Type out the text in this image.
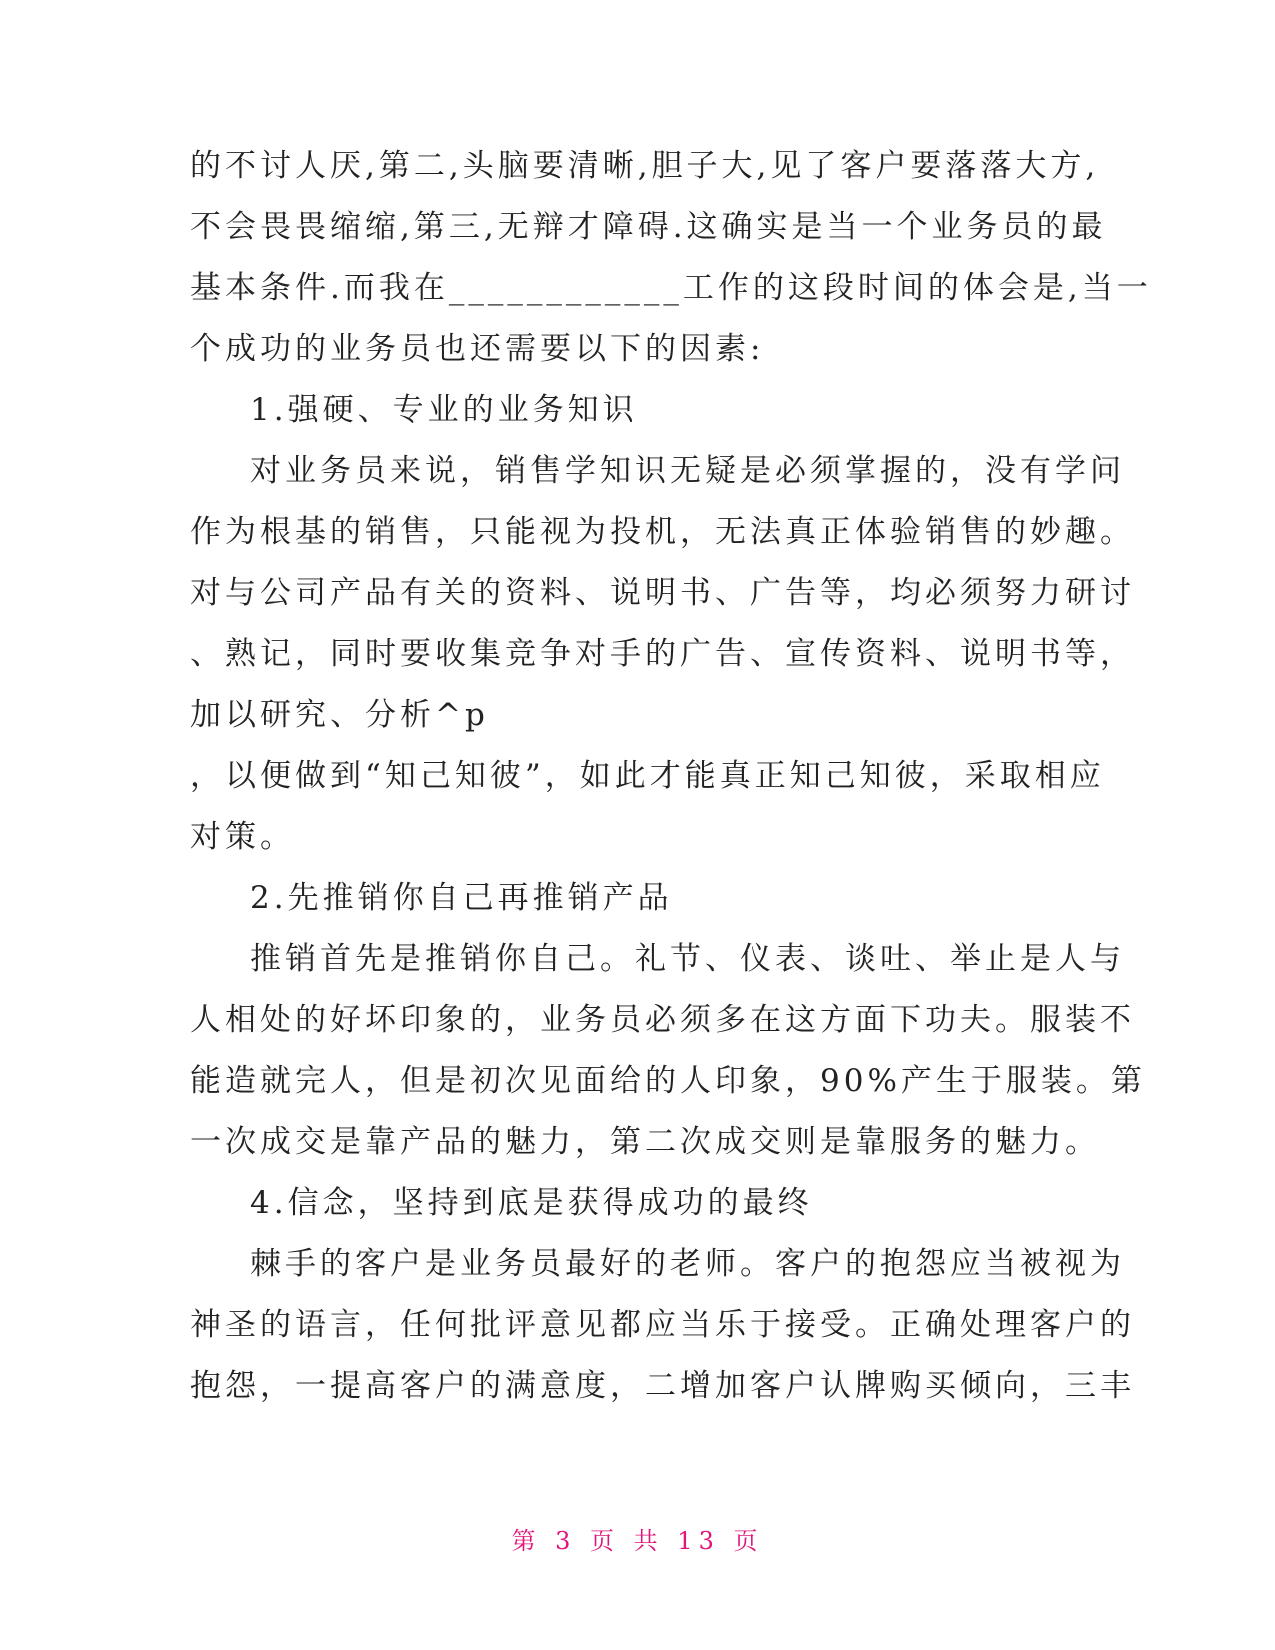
的不讨人厌,第二,头脑要清晰,胆子大,见了客户要落落大方,
不会畏畏缩缩,第三,无辩才障碍.这确实是当一个业务员的最
基本条件.而我在____________工作的这段时间的体会是,当一
个成功的业务员也还需要以下的因素:
1.强硬、专业的业务知识
对业务员来说，销售学知识无疑是必须掌握的，没有学问
作为根基的销售，只能视为投机，无法真正体验销售的妙趣。
对与公司产品有关的资料、说明书、广告等，均必须努力研讨
、熟记，同时要收集竞争对手的广告、宣传资料、说明书等，
加以研究、分析^p
，以便做到“知己知彼”，如此才能真正知己知彼，采取相应
对策。
2.先推销你自己再推销产品
推销首先是推销你自己。礼节、仪表、谈吐、举止是人与
人相处的好坏印象的，业务员必须多在这方面下功夫。服装不
能造就完人，但是初次见面给的人印象，90%产生于服装。第
一次成交是靠产品的魅力，第二次成交则是靠服务的魅力。
4.信念，坚持到底是获得成功的最终
棘手的客户是业务员最好的老师。客户的抱怨应当被视为
神圣的语言，任何批评意见都应当乐于接受。正确处理客户的
抱怨，一提高客户的满意度，二增加客户认牌购买倾向，三丰
第 3 页 共 13 页
